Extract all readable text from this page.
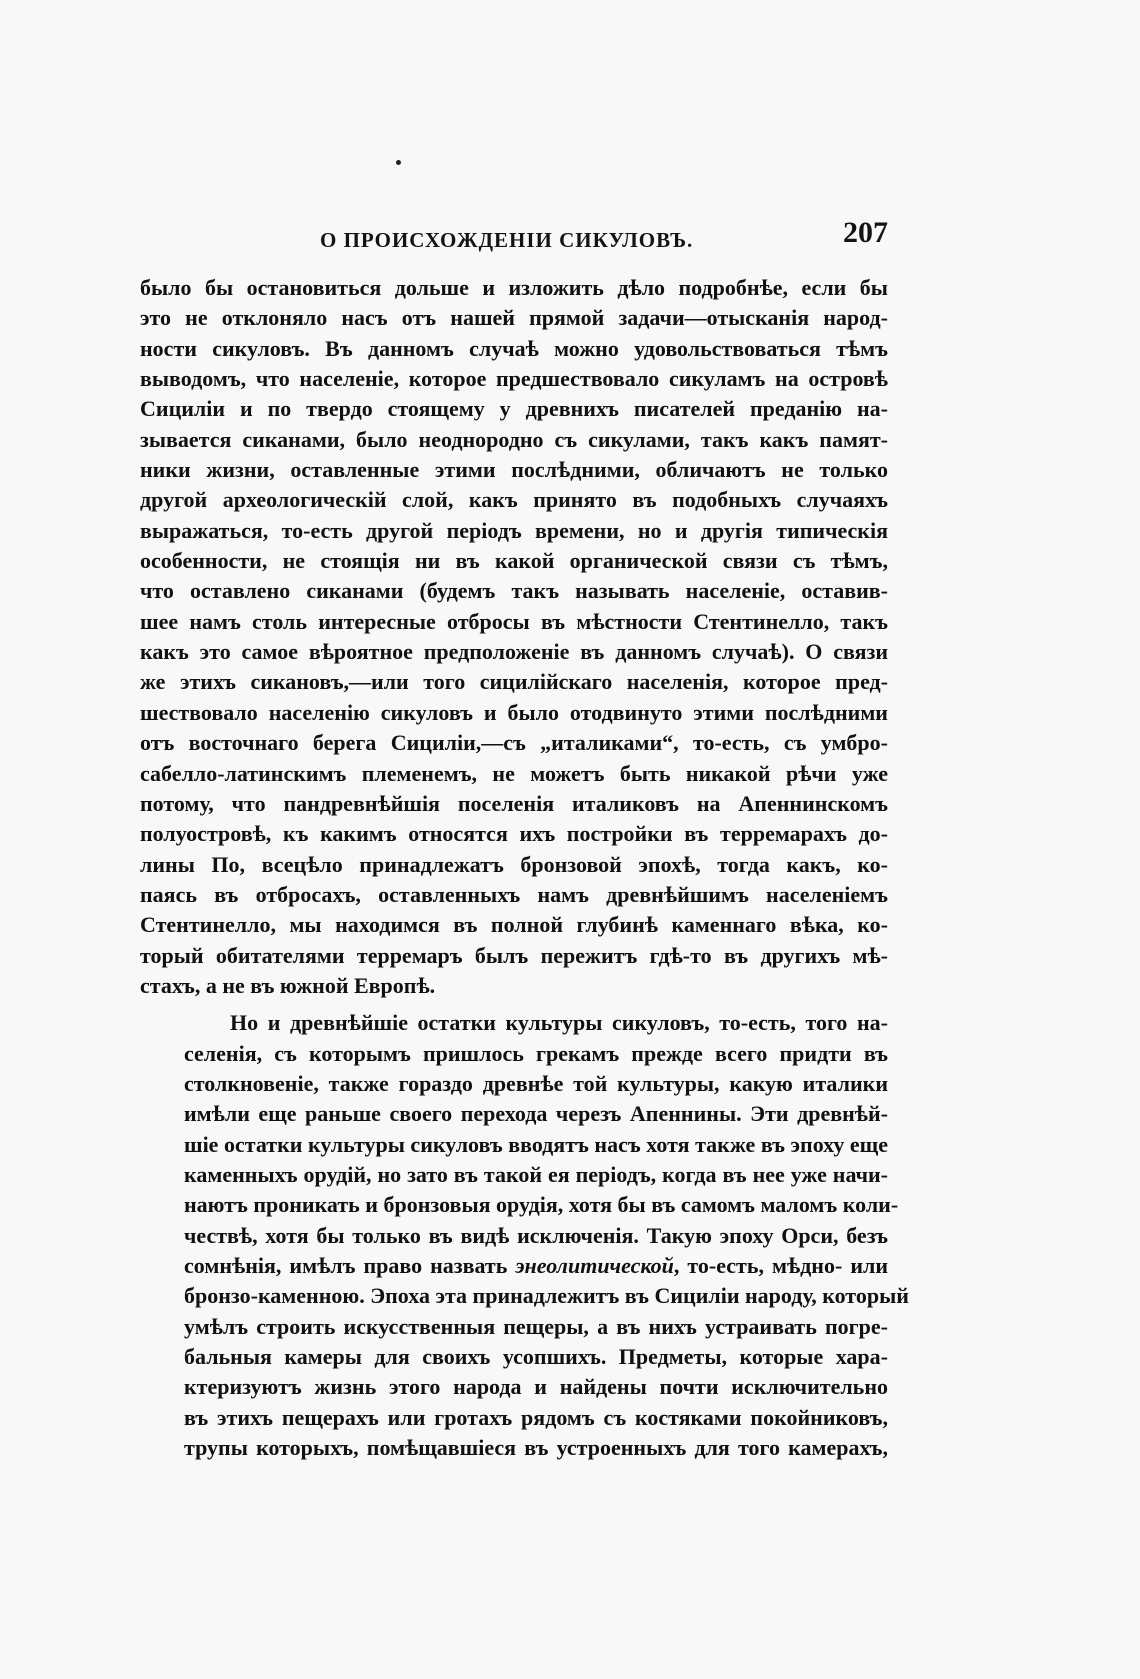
О ПРОИСХОЖДЕНІИ СИКУЛОВЪ.	207

было бы остановиться дольше и изложить дѣло подробнѣе, если бы
это не отклоняло насъ отъ нашей прямой задачи—отысканія народ-
ности сикуловъ. Въ данномъ случаѣ можно удовольствоваться тѣмъ
выводомъ, что населеніе, которое предшествовало сикуламъ на островѣ
Сициліи и по твердо стоящему у древнихъ писателей преданію на-
зывается сиканами, было неоднородно съ сикулами, такъ какъ памят-
ники жизни, оставленные этими послѣдними, обличаютъ не только
другой археологическій слой, какъ принято въ подобныхъ случаяхъ
выражаться, то-есть другой періодъ времени, но и другія типическія
особенности, не стоящія ни въ какой органической связи съ тѣмъ,
что оставлено сиканами (будемъ такъ называть населеніе, оставив-
шее намъ столь интересные отбросы въ мѣстности Стентинелло, такъ
какъ это самое вѣроятное предположеніе въ данномъ случаѣ). О связи
же этихъ сикановъ,—или того сицилійскаго населенія, которое пред-
шествовало населенію сикуловъ и было отодвинуто этими послѣдними
отъ восточнаго берега Сициліи,—съ „италиками“, то-есть, съ умбро-
сабелло-латинскимъ племенемъ, не можетъ быть никакой рѣчи уже
потому, что пандревнѣйшія поселенія италиковъ на Апеннинскомъ
полуостровѣ, къ какимъ относятся ихъ постройки въ терремарахъ до-
лины По, всецѣло принадлежатъ бронзовой эпохѣ, тогда какъ, ко-
паясь въ отбросахъ, оставленныхъ намъ древнѣйшимъ населеніемъ
Стентинелло, мы находимся въ полной глубинѣ каменнаго вѣка, ко-
торый обитателями терремаръ былъ пережитъ гдѣ-то въ другихъ мѣ-
стахъ, а не въ южной Европѣ.

Но и древнѣйшіе остатки культуры сикуловъ, то-есть, того на-
селенія, съ которымъ пришлось грекамъ прежде всего придти въ
столкновеніе, также гораздо древнѣе той культуры, какую италики
имѣли еще раньше своего перехода черезъ Апеннины. Эти древнѣй-
шіе остатки культуры сикуловъ вводятъ насъ хотя также въ эпоху еще
каменныхъ орудій, но зато въ такой ея періодъ, когда въ нее уже начи-
наютъ проникать и бронзовыя орудія, хотя бы въ самомъ маломъ коли-
чествѣ, хотя бы только въ видѣ исключенія. Такую эпоху Орси, безъ
сомнѣнія, имѣлъ право назвать энеолитической, то-есть, мѣдно- или
бронзо-каменною. Эпоха эта принадлежитъ въ Сициліи народу, который
умѣлъ строить искусственныя пещеры, а въ нихъ устраивать погре-
бальныя камеры для своихъ усопшихъ. Предметы, которые хара-
ктеризуютъ жизнь этого народа и найдены почти исключительно
въ этихъ пещерахъ или гротахъ рядомъ съ костяками покойниковъ,
трупы которыхъ, помѣщавшіеся въ устроенныхъ для того камерахъ,
